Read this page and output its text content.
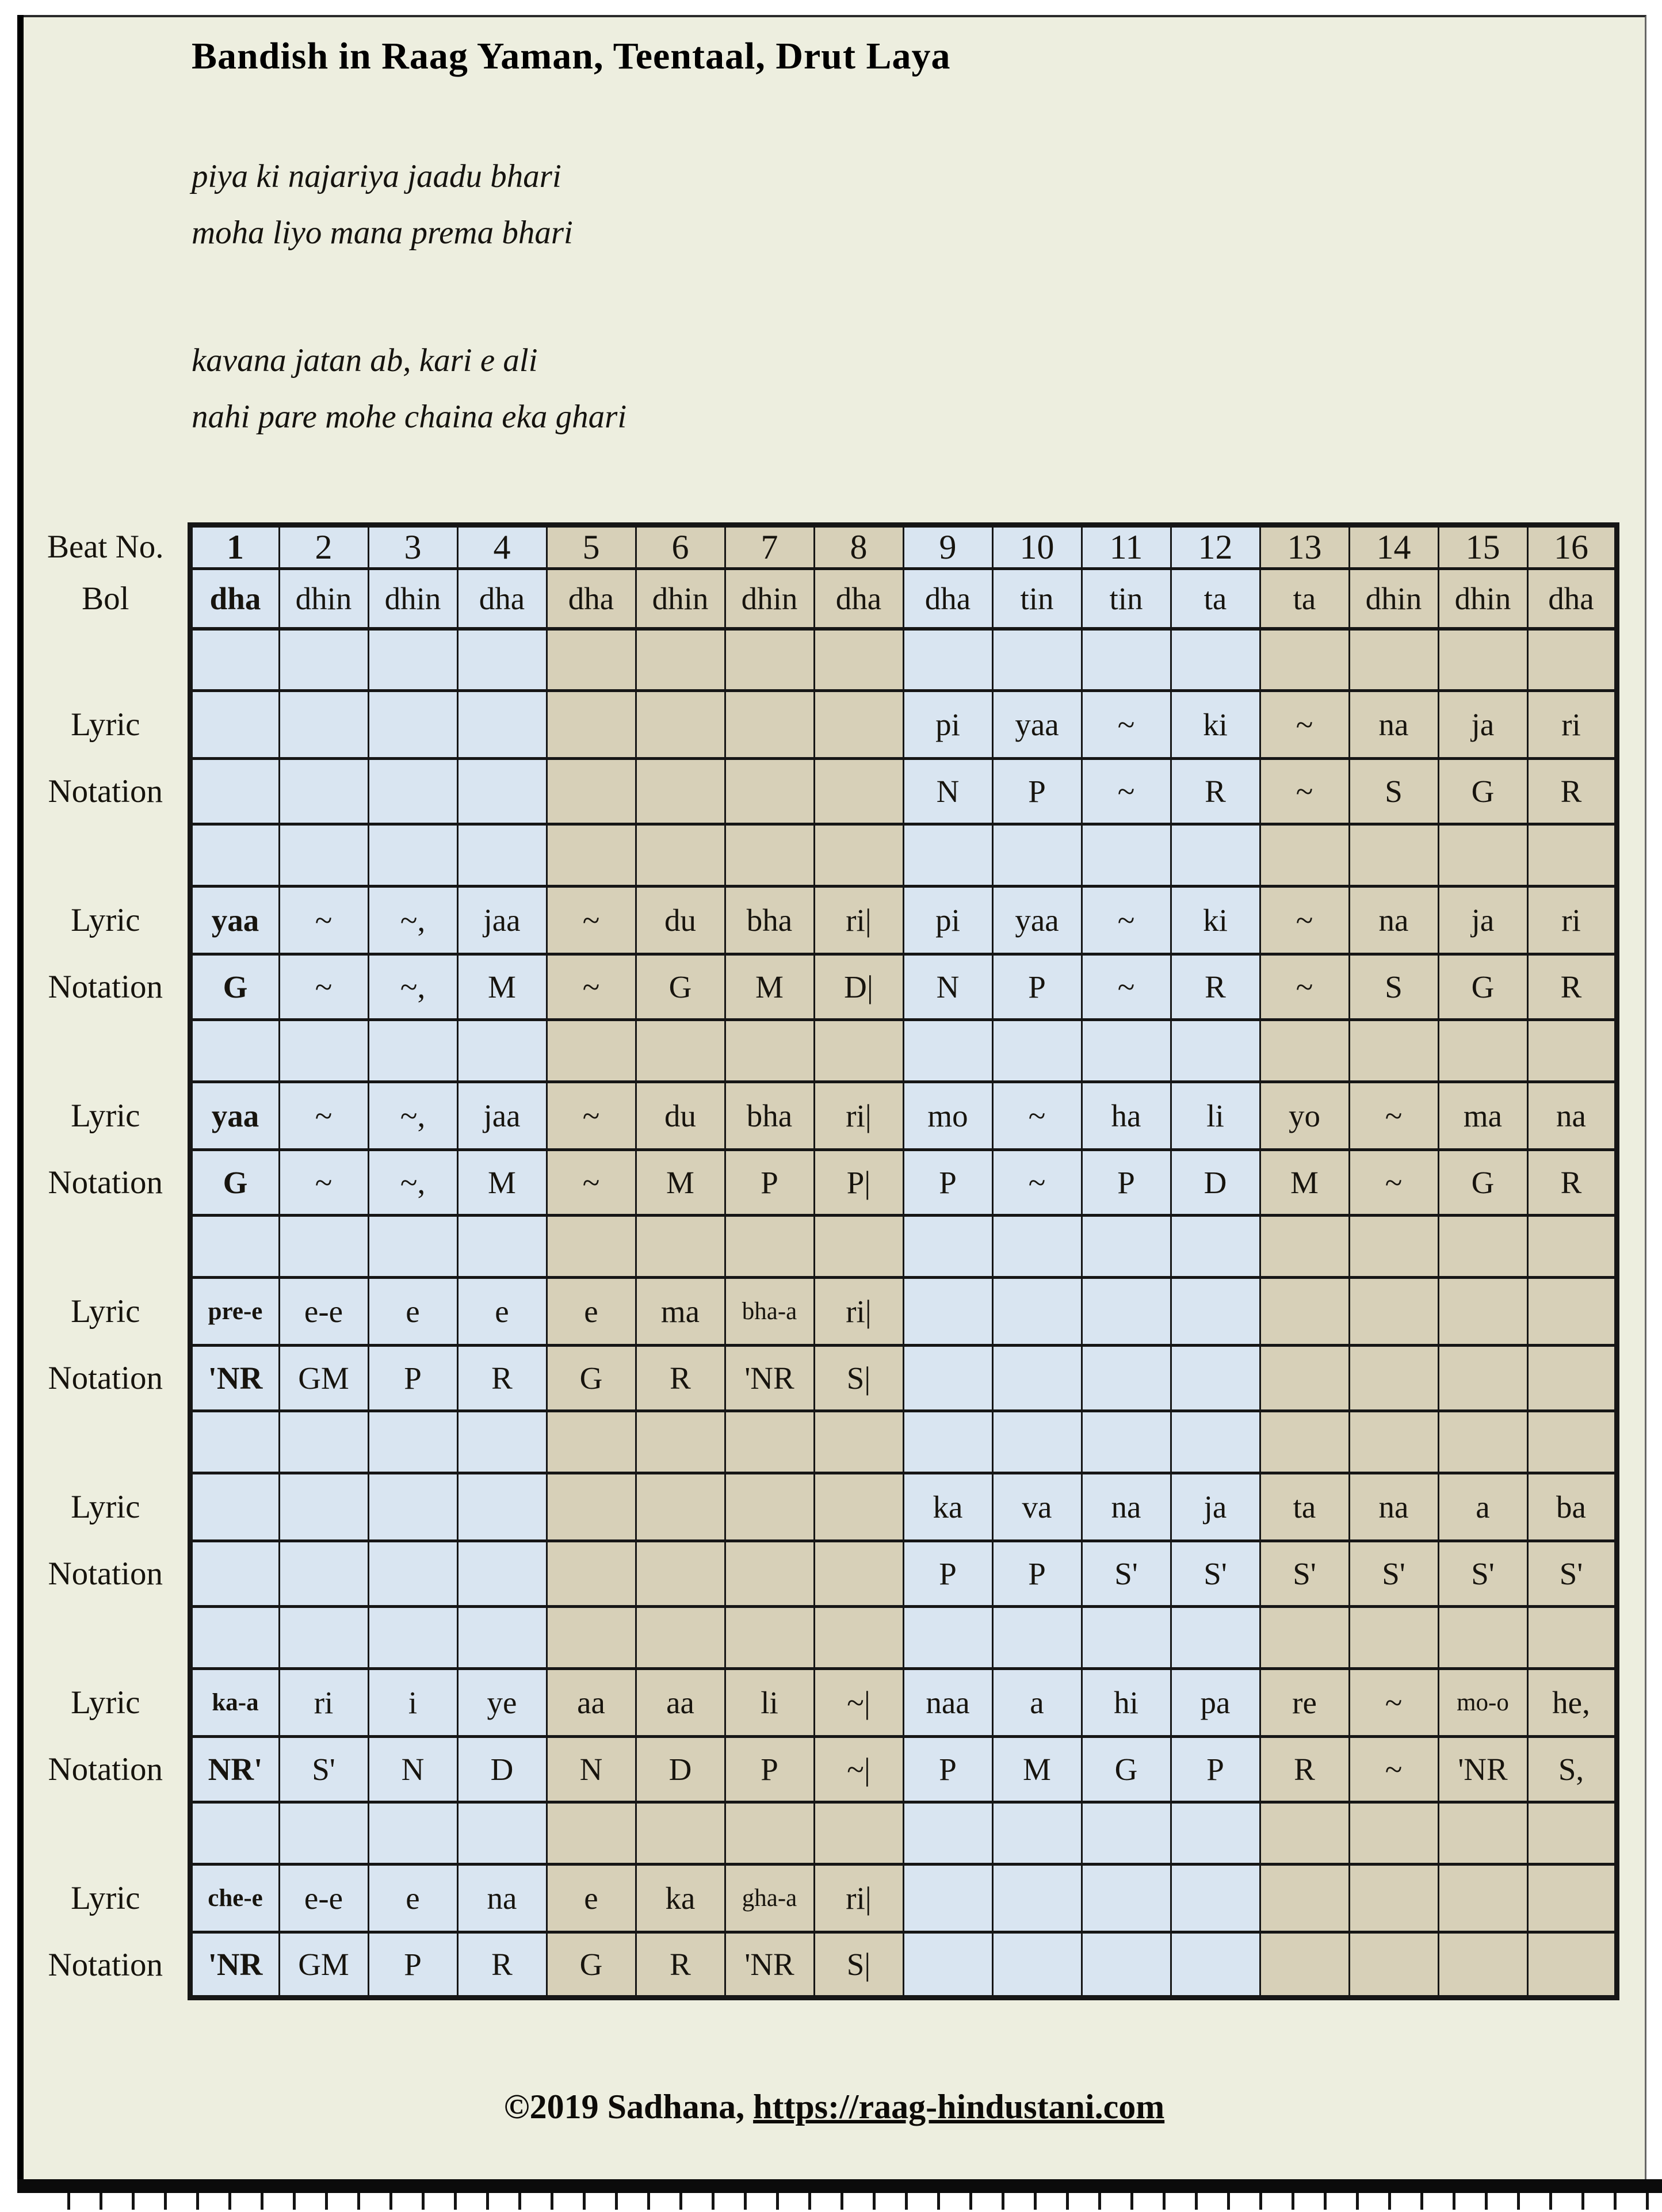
Bandish in Raag Yaman, Teentaal, Drut Laya
piya ki najariya jaadu bhari
moha liyo mana prema bhari
kavana jatan ab, kari e ali
nahi pare mohe chaina eka ghari
Beat No.	1	2	3	4	5	6	7	8	9	10	11	12	13	14	15	16
Bol	dha	dhin	dhin	dha	dha	dhin	dhin	dha	dha	tin	tin	ta	ta	dhin	dhin	dha

Lyric									pi	yaa	~	ki	~	na	ja	ri
Notation									N	P	~	R	~	S	G	R

Lyric	yaa	~	~,	jaa	~	du	bha	ri|	pi	yaa	~	ki	~	na	ja	ri
Notation	G	~	~,	M	~	G	M	D|	N	P	~	R	~	S	G	R

Lyric	yaa	~	~,	jaa	~	du	bha	ri|	mo	~	ha	li	yo	~	ma	na
Notation	G	~	~,	M	~	M	P	P|	P	~	P	D	M	~	G	R

Lyric	pre-e	e-e	e	e	e	ma	bha-a	ri|								
Notation	'NR	GM	P	R	G	R	'NR	S|								

Lyric									ka	va	na	ja	ta	na	a	ba
Notation									P	P	S'	S'	S'	S'	S'	S'

Lyric	ka-a	ri	i	ye	aa	aa	li	~|	naa	a	hi	pa	re	~	mo-o	he,
Notation	NR'	S'	N	D	N	D	P	~|	P	M	G	P	R	~	'NR	S,

Lyric	che-e	e-e	e	na	e	ka	gha-a	ri|								
Notation	'NR	GM	P	R	G	R	'NR	S|								
©2019 Sadhana, https://raag-hindustani.com
